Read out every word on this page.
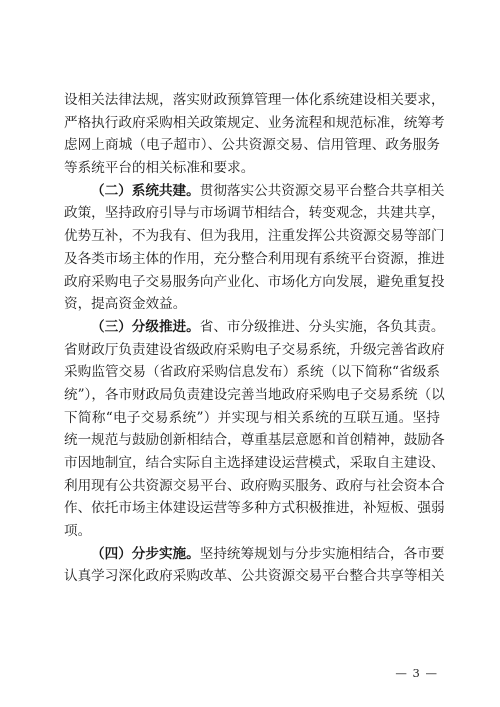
设相关法律法规，落实财政预算管理一体化系统建设相关要求，
严格执行政府采购相关政策规定、业务流程和规范标准，统筹考
虑网上商城（电子超市）、公共资源交易、信用管理、政务服务
等系统平台的相关标准和要求。
（二）系统共建。贯彻落实公共资源交易平台整合共享相关
政策，坚持政府引导与市场调节相结合，转变观念，共建共享，
优势互补，不为我有、但为我用，注重发挥公共资源交易等部门
及各类市场主体的作用，充分整合利用现有系统平台资源，推进
政府采购电子交易服务向产业化、市场化方向发展，避免重复投
资，提高资金效益。
（三）分级推进。省、市分级推进、分头实施，各负其责。
省财政厅负责建设省级政府采购电子交易系统，升级完善省政府
采购监管交易（省政府采购信息发布）系统（以下简称“省级系
统”），各市财政局负责建设完善当地政府采购电子交易系统（以
下简称“电子交易系统”）并实现与相关系统的互联互通。坚持
统一规范与鼓励创新相结合，尊重基层意愿和首创精神，鼓励各
市因地制宜，结合实际自主选择建设运营模式，采取自主建设、
利用现有公共资源交易平台、政府购买服务、政府与社会资本合
作、依托市场主体建设运营等多种方式积极推进，补短板、强弱
项。
（四）分步实施。坚持统筹规划与分步实施相结合，各市要
认真学习深化政府采购改革、公共资源交易平台整合共享等相关
— 3 —
